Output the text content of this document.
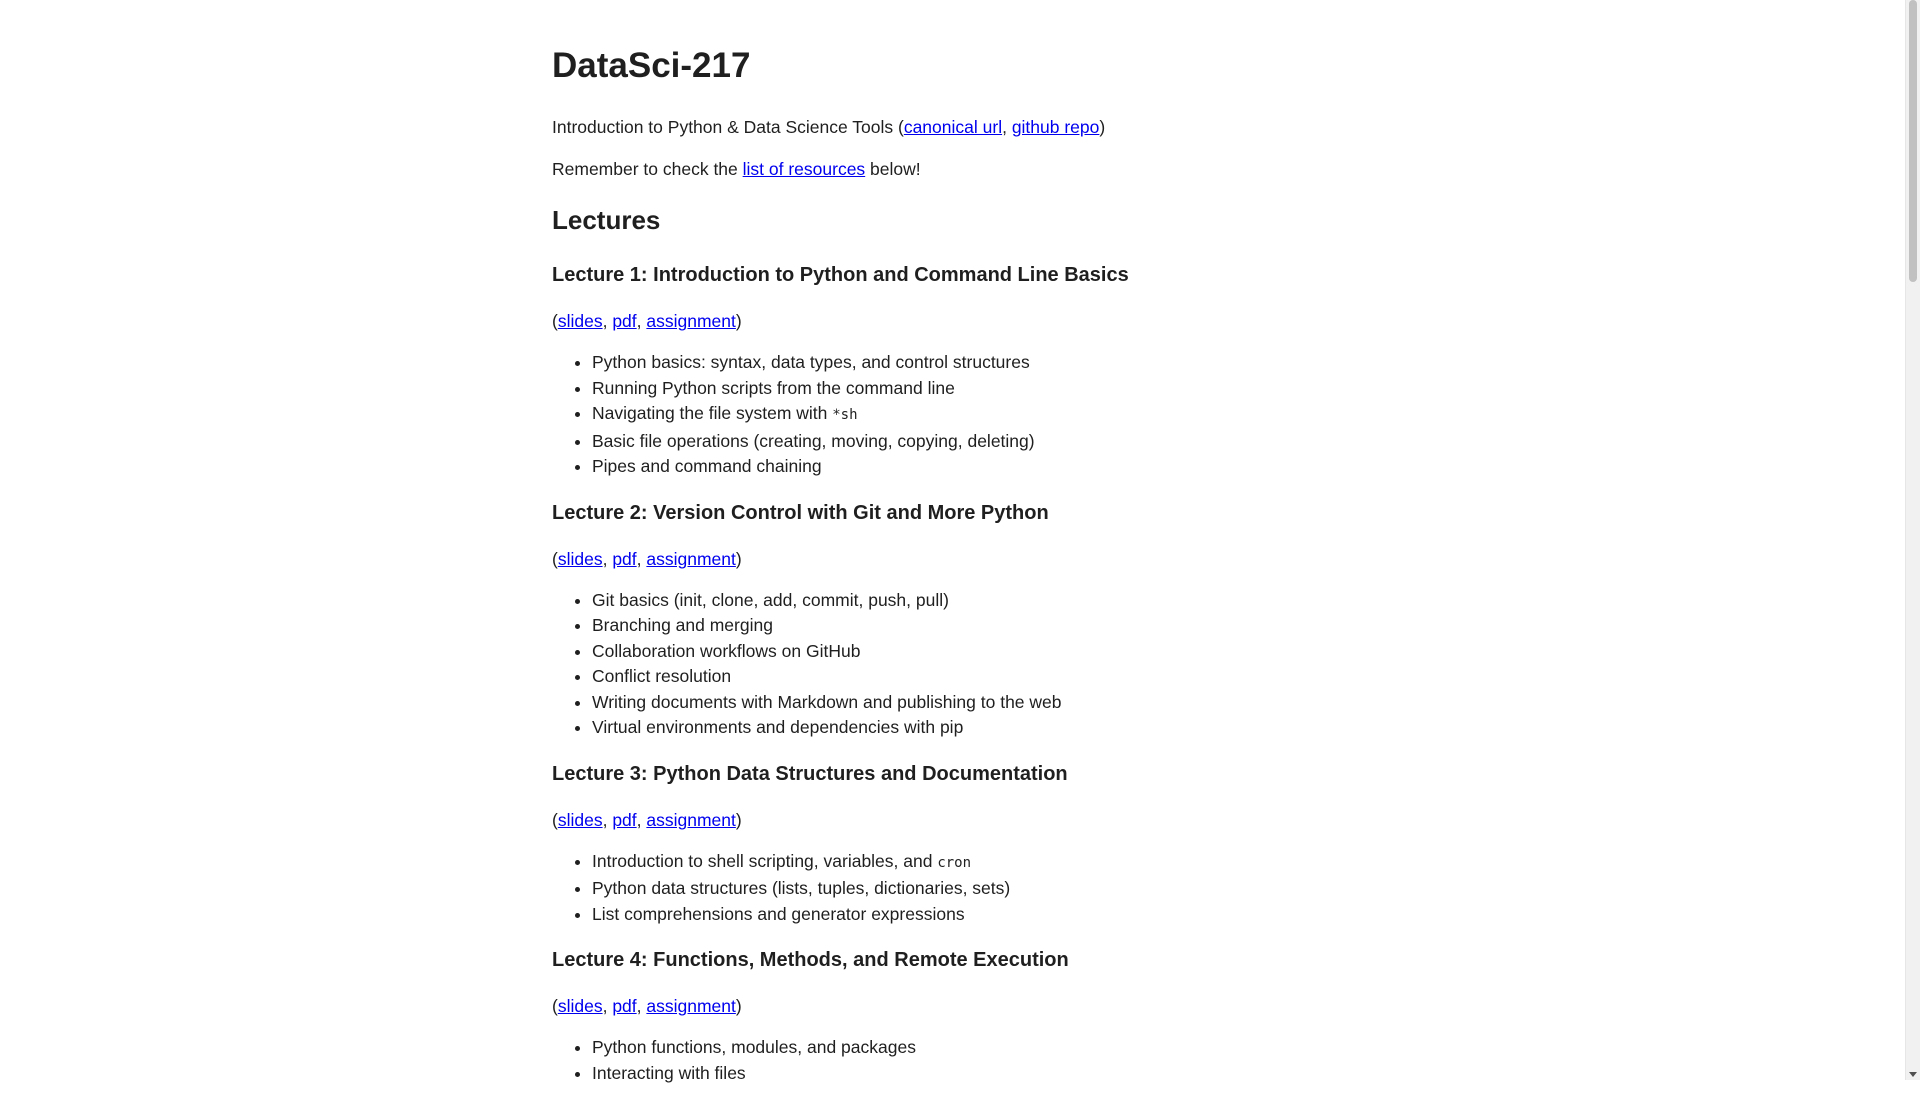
DataSci-217

Introduction to Python & Data Science Tools (canonical url, github repo)

Remember to check the list of resources below!

Lectures
Lecture 1: Introduction to Python and Command Line Basics

(slides, pdf, assignment)

• Python basics: syntax, data types, and control structures
• Running Python scripts from the command line
• Navigating the file system with *sh
• Basic file operations (creating, moving, copying, deleting)
• Pipes and command chaining
Lecture 2: Version Control with Git and More Python

(slides, pdf, assignment)

• Git basics (init, clone, add, commit, push, pull)
• Branching and merging
• Collaboration workflows on GitHub
• Conflict resolution
• Writing documents with Markdown and publishing to the web
• Virtual environments and dependencies with pip
Lecture 3: Python Data Structures and Documentation

(slides, pdf, assignment)

• Introduction to shell scripting, variables, and cron
• Python data structures (lists, tuples, dictionaries, sets)
• List comprehensions and generator expressions
Lecture 4: Functions, Methods, and Remote Execution

(slides, pdf, assignment)

• Python functions, modules, and packages
• Interacting with files
